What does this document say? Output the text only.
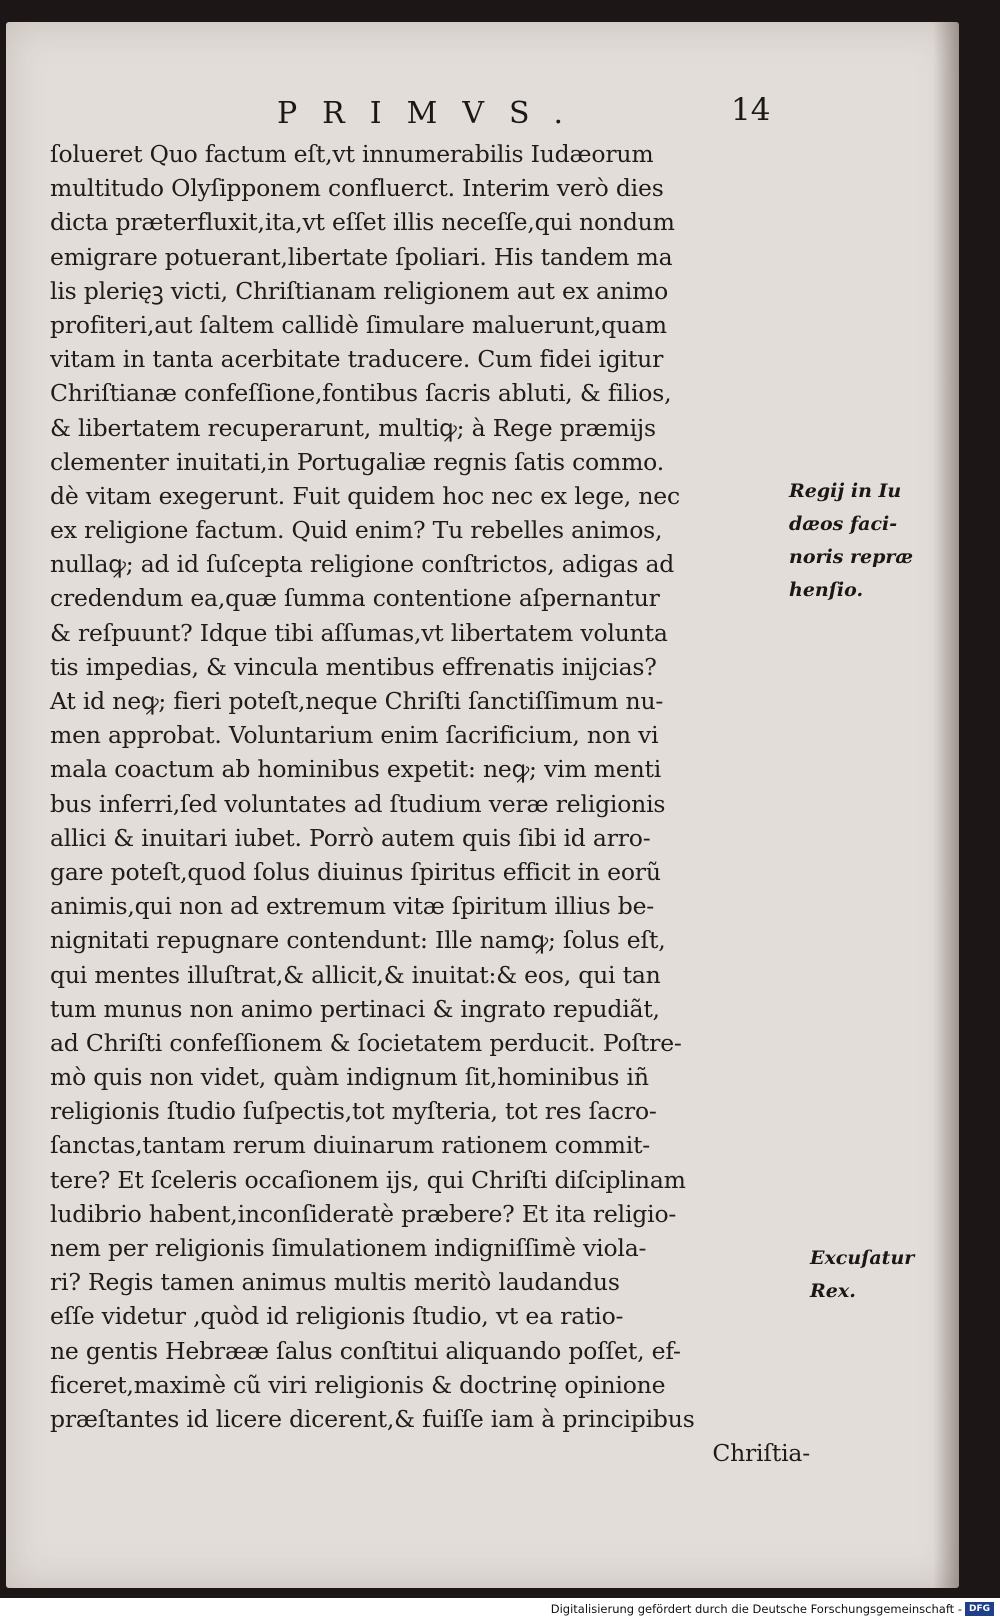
PRIMVS.	14
ſolueret Quo factum eſt,vt innumerabilis Iudæorum
multitudo Olyſipponem confluerct. Interim verò dies
dicta præterfluxit,ita,vt eſſet illis neceſſe,qui nondum
emigrare potuerant,libertate ſpoliari. His tandem ma
lis plerięꝫ victi, Chriſtianam religionem aut ex animo
profiteri,aut ſaltem callidè ſimulare maluerunt,quam
vitam in tanta acerbitate traducere. Cum fidei igitur
Chriſtianæ confeſſione,fontibus ſacris abluti, & filios,
& libertatem recuperarunt, multiꝙ; à Rege præmijs
clementer inuitati,in Portugaliæ regnis ſatis commo.
dè vitam exegerunt. Fuit quidem hoc nec ex lege, nec
ex religione factum. Quid enim? Tu rebelles animos,
nullaꝙ; ad id ſuſcepta religione conſtrictos, adigas ad
credendum ea,quæ ſumma contentione aſpernantur
& reſpuunt? Idque tibi aſſumas,vt libertatem volunta
tis impedias, & vincula mentibus effrenatis inijcias?
At id neꝙ; fieri poteſt,neque Chriſti ſanctiſſimum nu-
men approbat. Voluntarium enim ſacrificium, non vi
mala coactum ab hominibus expetit: neꝙ; vim menti
bus inferri,ſed voluntates ad ſtudium veræ religionis
allici & inuitari iubet. Porrò autem quis ſibi id arro-
gare poteſt,quod ſolus diuinus ſpiritus efficit in eorũ
animis,qui non ad extremum vitæ ſpiritum illius be-
nignitati repugnare contendunt: Ille namꝙ; ſolus eſt,
qui mentes illuſtrat,& allicit,& inuitat:& eos, qui tan
tum munus non animo pertinaci & ingrato repudiãt,
ad Chriſti confeſſionem & ſocietatem perducit. Poſtre-
mò quis non videt, quàm indignum ſit,hominibus iñ
religionis ſtudio ſuſpectis,tot myſteria, tot res ſacro-
ſanctas,tantam rerum diuinarum rationem commit-
tere? Et ſceleris occaſionem ijs, qui Chriſti diſciplinam
ludibrio habent,inconſideratè præbere? Et ita religio-
nem per religionis ſimulationem indigniſſimè viola-
ri? Regis tamen animus multis meritò laudandus
eſſe videtur ,quòd id religionis ſtudio, vt ea ratio-
ne gentis Hebrææ ſalus conſtitui aliquando poſſet, ef-
ficeret,maximè cũ viri religionis & doctrinę opinione
præſtantes id licere dicerent,& fuiſſe iam à principibus
Chriſtia-
Regij in Iu
dæos faci-
noris repræ
henſio.
Excuſatur
Rex.
Digitalisierung gefördert durch die Deutsche Forschungsgemeinschaft - DFG
